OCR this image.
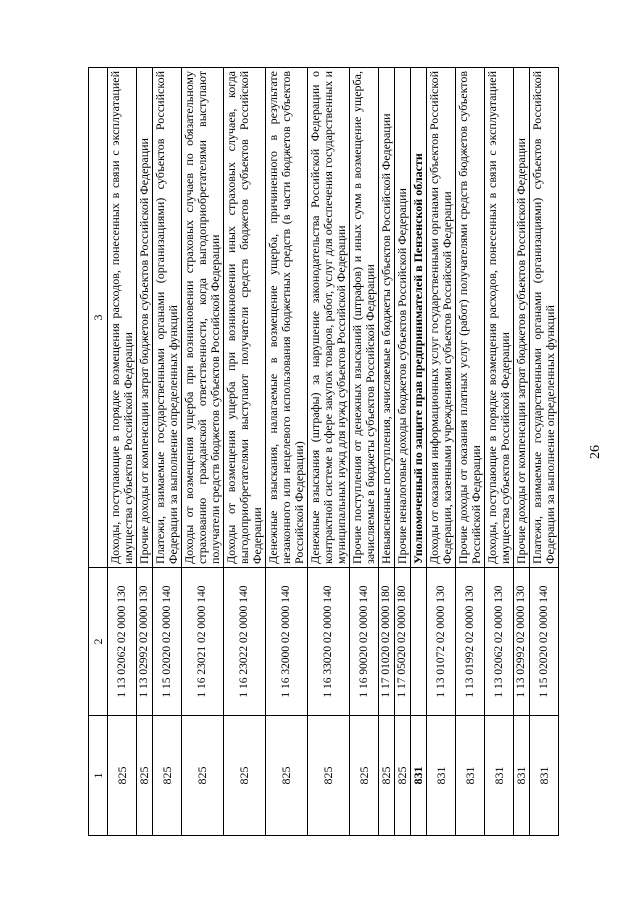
26
1	2	3
825	1 13 02062 02 0000 130	Доходы, поступающие в порядке возмещения расходов, понесенных в связи с эксплуатацией имущества субъектов Российской Федерации
825	1 13 02992 02 0000 130	Прочие доходы от компенсации затрат бюджетов субъектов Российской Федерации
825	1 15 02020 02 0000 140	Платежи, взимаемые государственными органами (организациями) субъектов Российской Федерации за выполнение определенных функций
825	1 16 23021 02 0000 140	Доходы от возмещения ущерба при возникновении страховых случаев по обязательному страхованию гражданской ответственности, когда выгодоприобретателями выступают получатели средств бюджетов субъектов Российской Федерации
825	1 16 23022 02 0000 140	Доходы от возмещения ущерба при возникновении иных страховых случаев, когда выгодоприобретателями выступают получатели средств бюджетов субъектов Российской Федерации
825	1 16 32000 02 0000 140	Денежные взыскания, налагаемые в возмещение ущерба, причиненного в результате незаконного или нецелевого использования бюджетных средств (в части бюджетов субъектов Российской Федерации)
825	1 16 33020 02 0000 140	Денежные взыскания (штрафы) за нарушение законодательства Российской Федерации о контрактной системе в сфере закупок товаров, работ, услуг для обеспечения государственных и муниципальных нужд для нужд субъектов Российской Федерации
825	1 16 90020 02 0000 140	Прочие поступления от денежных взысканий (штрафов) и иных сумм в возмещение ущерба, зачисляемые в бюджеты субъектов Российской Федерации
825	1 17 01020 02 0000 180	Невыясненные поступления, зачисляемые в бюджеты субъектов Российской Федерации
825	1 17 05020 02 0000 180	Прочие неналоговые доходы бюджетов субъектов Российской Федерации
831		Уполномоченный по защите прав предпринимателей в Пензенской области
831	1 13 01072 02 0000 130	Доходы от оказания информационных услуг государственными органами субъектов Российской Федерации, казенными учреждениями субъектов Российской Федерации
831	1 13 01992 02 0000 130	Прочие доходы от оказания платных услуг (работ) получателями средств бюджетов субъектов Российской Федерации
831	1 13 02062 02 0000 130	Доходы, поступающие в порядке возмещения расходов, понесенных в связи с эксплуатацией имущества субъектов Российской Федерации
831	1 13 02992 02 0000 130	Прочие доходы от компенсации затрат бюджетов субъектов Российской Федерации
831	1 15 02020 02 0000 140	Платежи, взимаемые государственными органами (организациями) субъектов Российской Федерации за выполнение определенных функций
